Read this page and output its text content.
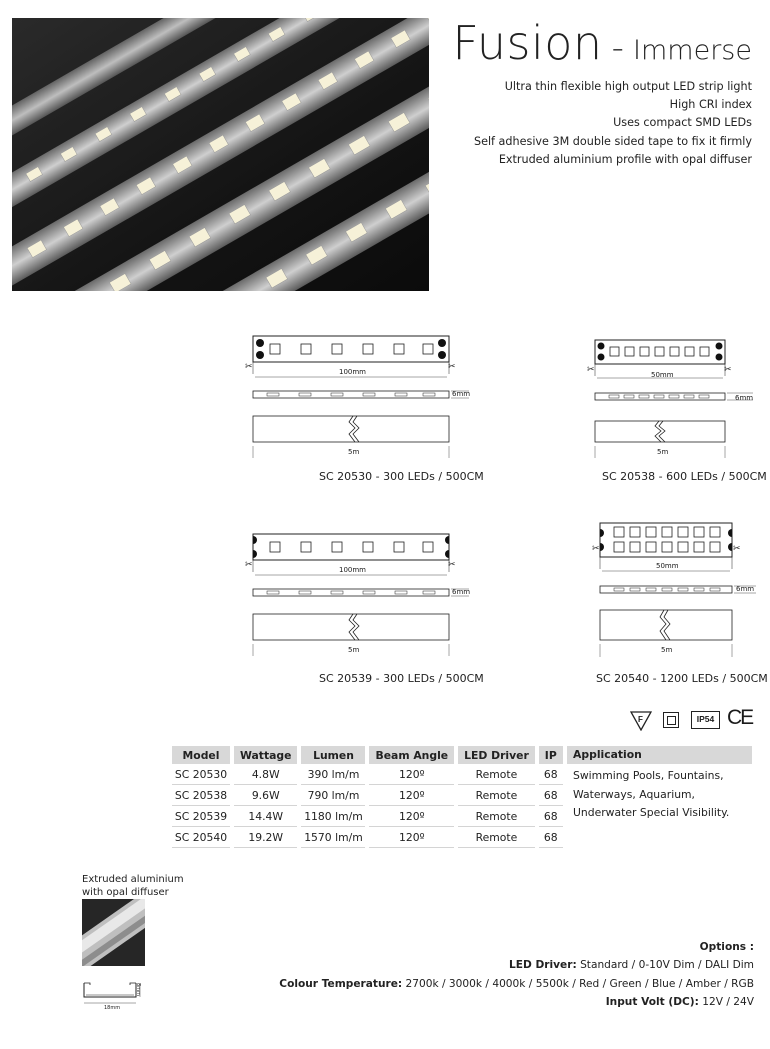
Fusion - Immerse
Ultra thin flexible high output LED strip light
High CRI index
Uses compact SMD LEDs
Self adhesive 3M double sided tape to fix it firmly
Extruded aluminium profile with opal diffuser
✂	✂
100mm
6mm
5m
SC 20530 - 300 LEDs / 500CM
✂	✂
50mm
6mm
5m
SC 20538 - 600 LEDs / 500CM
✂	✂
100mm
6mm
5m
SC 20539 - 300 LEDs / 500CM
✂	✂
50mm
6mm
5m
SC 20540 - 1200 LEDs / 500CM
F	IP54 CE
Model	Wattage	Lumen	Beam Angle	LED Driver	IP
SC 20530	4.8W	390 lm/m	120º	Remote	68
SC 20538	9.6W	790 lm/m	120º	Remote	68
SC 20539	14.4W	1180 lm/m	120º	Remote	68
SC 20540	19.2W	1570 lm/m	120º	Remote	68
Application
Swimming Pools, Fountains, Waterways, Aquarium, Underwater Special Visibility.
Extruded aluminium
with opal diffuser
8mm
18mm
Options :
LED Driver: Standard / 0-10V Dim / DALI Dim
Colour Temperature: 2700k / 3000k / 4000k / 5500k / Red / Green / Blue / Amber / RGB
Input Volt (DC): 12V / 24V
